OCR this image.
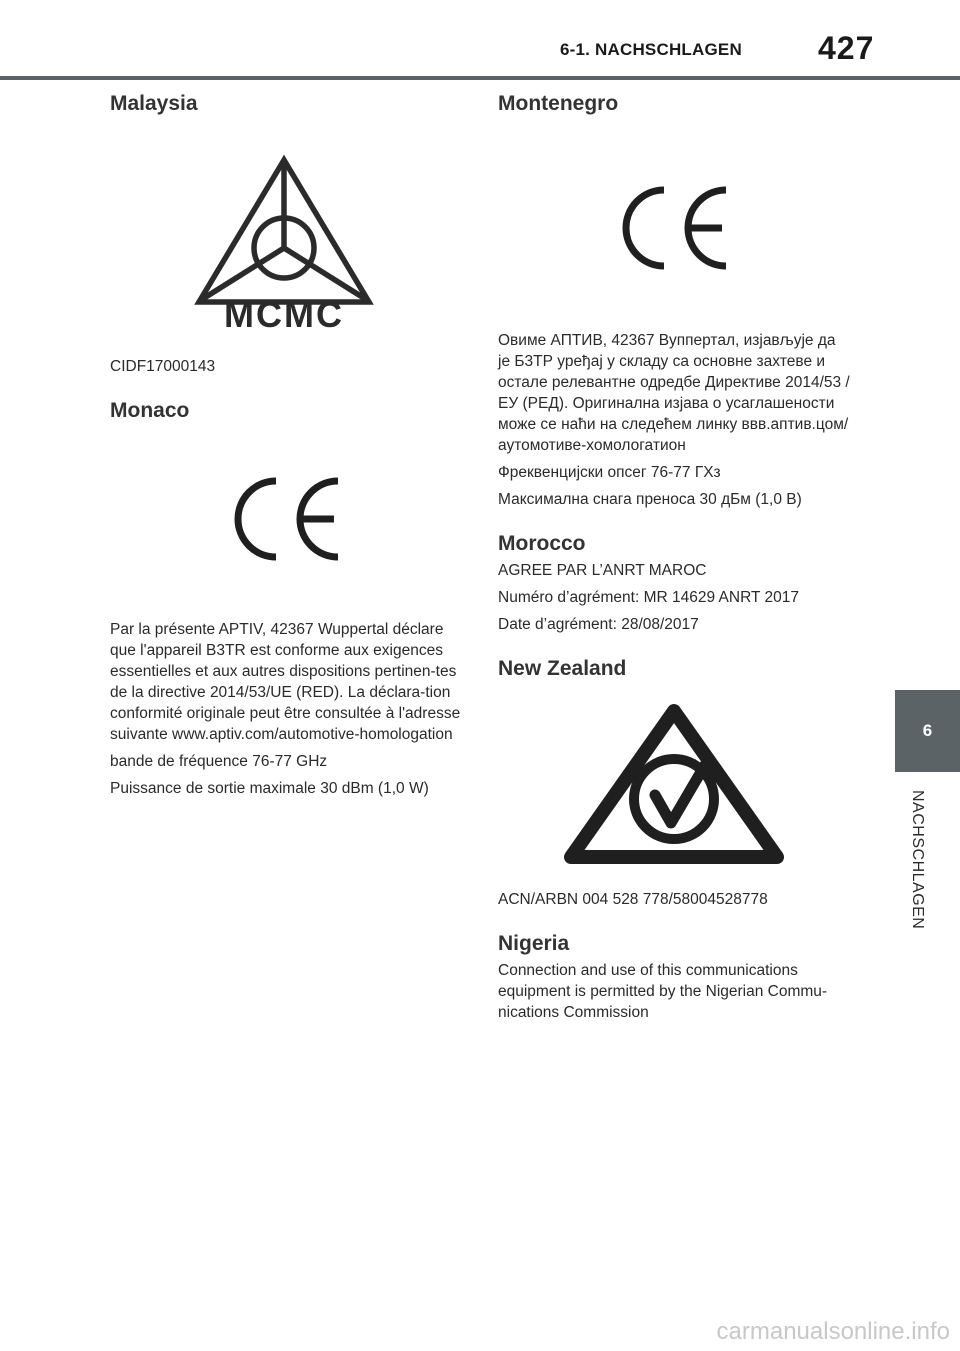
6-1. NACHSCHLAGEN	427
Malaysia
MCMC

CIDF17000143

Monaco

Par la présente APTIV, 42367 Wuppertal déclare que l'appareil B3TR est conforme aux exigences essentielles et aux autres dispositions pertinen-tes de la directive 2014/53/UE (RED). La déclara-tion conformité originale peut être consultée à l'adresse suivante www.aptiv.com/automotive-homologation

bande de fréquence 76-77 GHz

Puissance de sortie maximale 30 dBm (1,0 W)

Montenegro

Овиме АПТИВ, 42367 Вуппертал, изјављује да је Б3ТР уређај у складу са основне захтеве и остале релевантне одредбе Директиве 2014/53 / ЕУ (РЕД). Оригинална изјава о усаглашености може се наћи на следећем линку ввв.аптив.цом/аутомотиве-хомологатион

Фреквенцијски опсег 76-77 ГХз

Максимална снага преноса 30 дБм (1,0 В)

Morocco

AGREE PAR L’ANRT MAROC

Numéro d’agrément: MR 14629 ANRT 2017

Date d’agrément: 28/08/2017

New Zealand

ACN/ARBN 004 528 778/58004528778

Nigeria

Connection and use of this communications equipment is permitted by the Nigerian Commu-nications Commission

6
NACHSCHLAGEN
carmanualsonline.info
